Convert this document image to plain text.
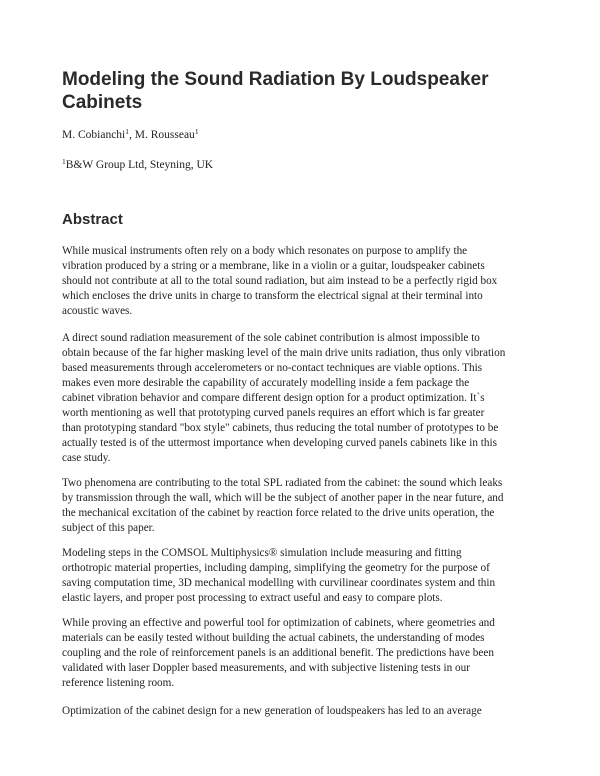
Modeling the Sound Radiation By Loudspeaker
Cabinets
M. Cobianchi$^1$, M. Rousseau$^1$
$^1$B&W Group Ltd, Steyning, UK
Abstract

While musical instruments often rely on a body which resonates on purpose to amplify the
vibration produced by a string or a membrane, like in a violin or a guitar, loudspeaker cabinets
should not contribute at all to the total sound radiation, but aim instead to be a perfectly rigid box
which encloses the drive units in charge to transform the electrical signal at their terminal into
acoustic waves.

A direct sound radiation measurement of the sole cabinet contribution is almost impossible to
obtain because of the far higher masking level of the main drive units radiation, thus only vibration
based measurements through accelerometers or no-contact techniques are viable options. This
makes even more desirable the capability of accurately modelling inside a fem package the
cabinet vibration behavior and compare different design option for a product optimization. It`s
worth mentioning as well that prototyping curved panels requires an effort which is far greater
than prototyping standard "box style" cabinets, thus reducing the total number of prototypes to be
actually tested is of the uttermost importance when developing curved panels cabinets like in this
case study.

Two phenomena are contributing to the total SPL radiated from the cabinet: the sound which leaks
by transmission through the wall, which will be the subject of another paper in the near future, and
the mechanical excitation of the cabinet by reaction force related to the drive units operation, the
subject of this paper.

Modeling steps in the COMSOL Multiphysics® simulation include measuring and fitting
orthotropic material properties, including damping, simplifying the geometry for the purpose of
saving computation time, 3D mechanical modelling with curvilinear coordinates system and thin
elastic layers, and proper post processing to extract useful and easy to compare plots.

While proving an effective and powerful tool for optimization of cabinets, where geometries and
materials can be easily tested without building the actual cabinets, the understanding of modes
coupling and the role of reinforcement panels is an additional benefit. The predictions have been
validated with laser Doppler based measurements, and with subjective listening tests in our
reference listening room.

Optimization of the cabinet design for a new generation of loudspeakers has led to an average
